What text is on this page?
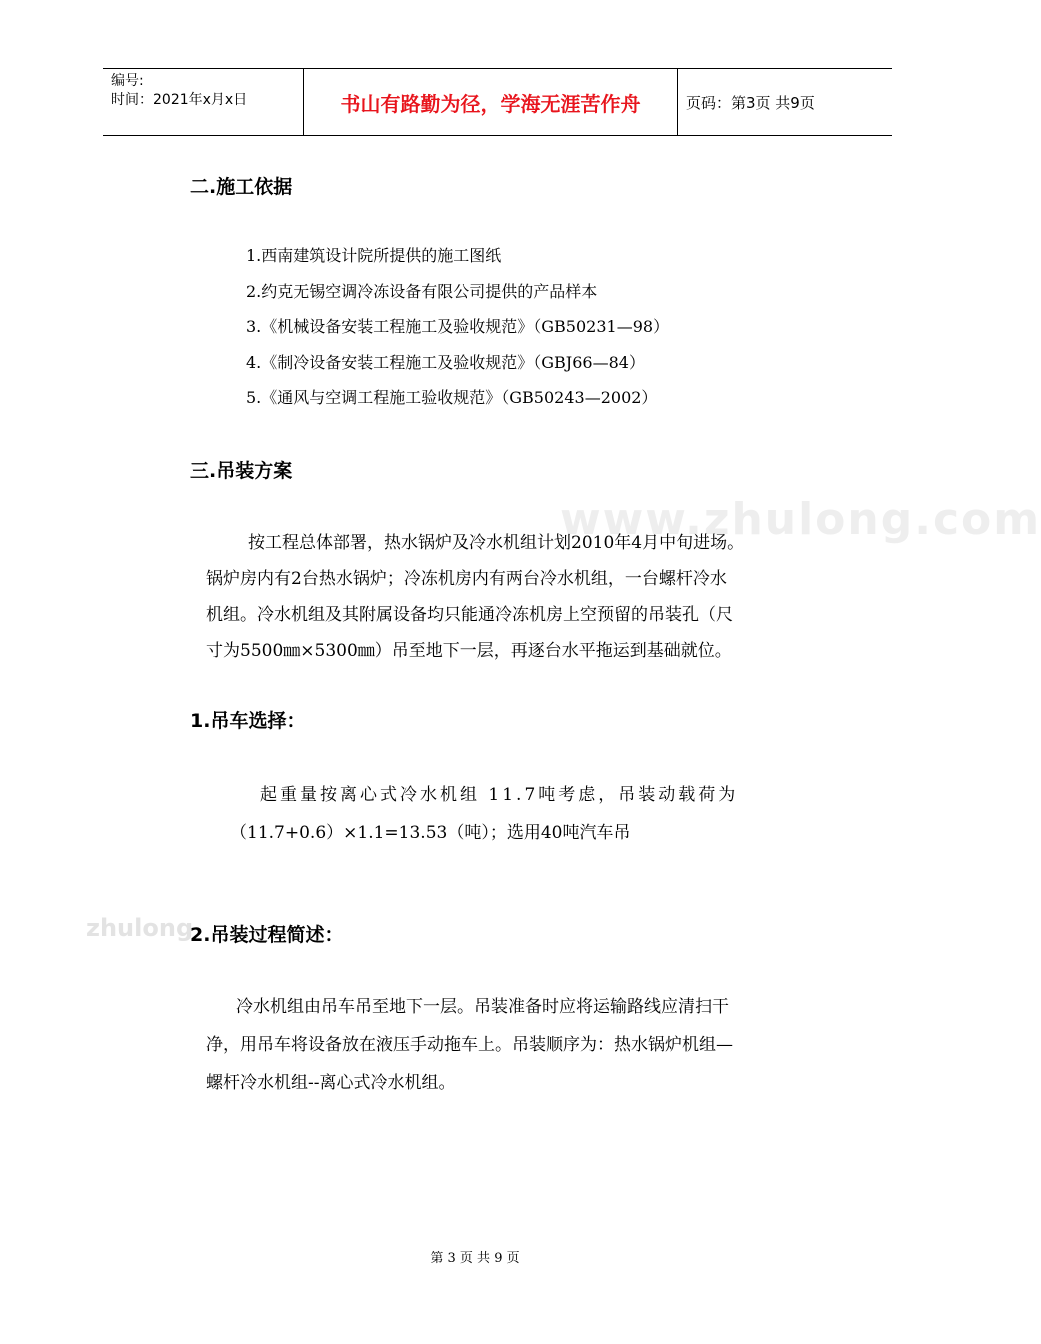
编号:
时间：2021年x月x日	书山有路勤为径，学海无涯苦作舟	页码：第3页 共9页
www.zhulong.com
zhulong
二.施工依据
1.西南建筑设计院所提供的施工图纸
2.约克无锡空调冷冻设备有限公司提供的产品样本
3.《机械设备安装工程施工及验收规范》（GB50231—98）
4.《制冷设备安装工程施工及验收规范》（GBJ66—84）
5.《通风与空调工程施工验收规范》（GB50243—2002）
三.吊装方案
按工程总体部署，热水锅炉及冷水机组计划2010年4月中旬进场。
锅炉房内有2台热水锅炉；冷冻机房内有两台冷水机组，一台螺杆冷水
机组。冷水机组及其附属设备均只能通冷冻机房上空预留的吊装孔（尺
寸为5500㎜×5300㎜）吊至地下一层，再逐台水平拖运到基础就位。
1.吊车选择：
起重量按离心式冷水机组 11.7吨考虑，吊装动载荷为
（11.7+0.6）×1.1=13.53（吨）；选用40吨汽车吊
2.吊装过程简述：
冷水机组由吊车吊至地下一层。吊装准备时应将运输路线应清扫干
净，用吊车将设备放在液压手动拖车上。吊装顺序为：热水锅炉机组—
螺杆冷水机组--离心式冷水机组。
第 3 页 共 9 页
